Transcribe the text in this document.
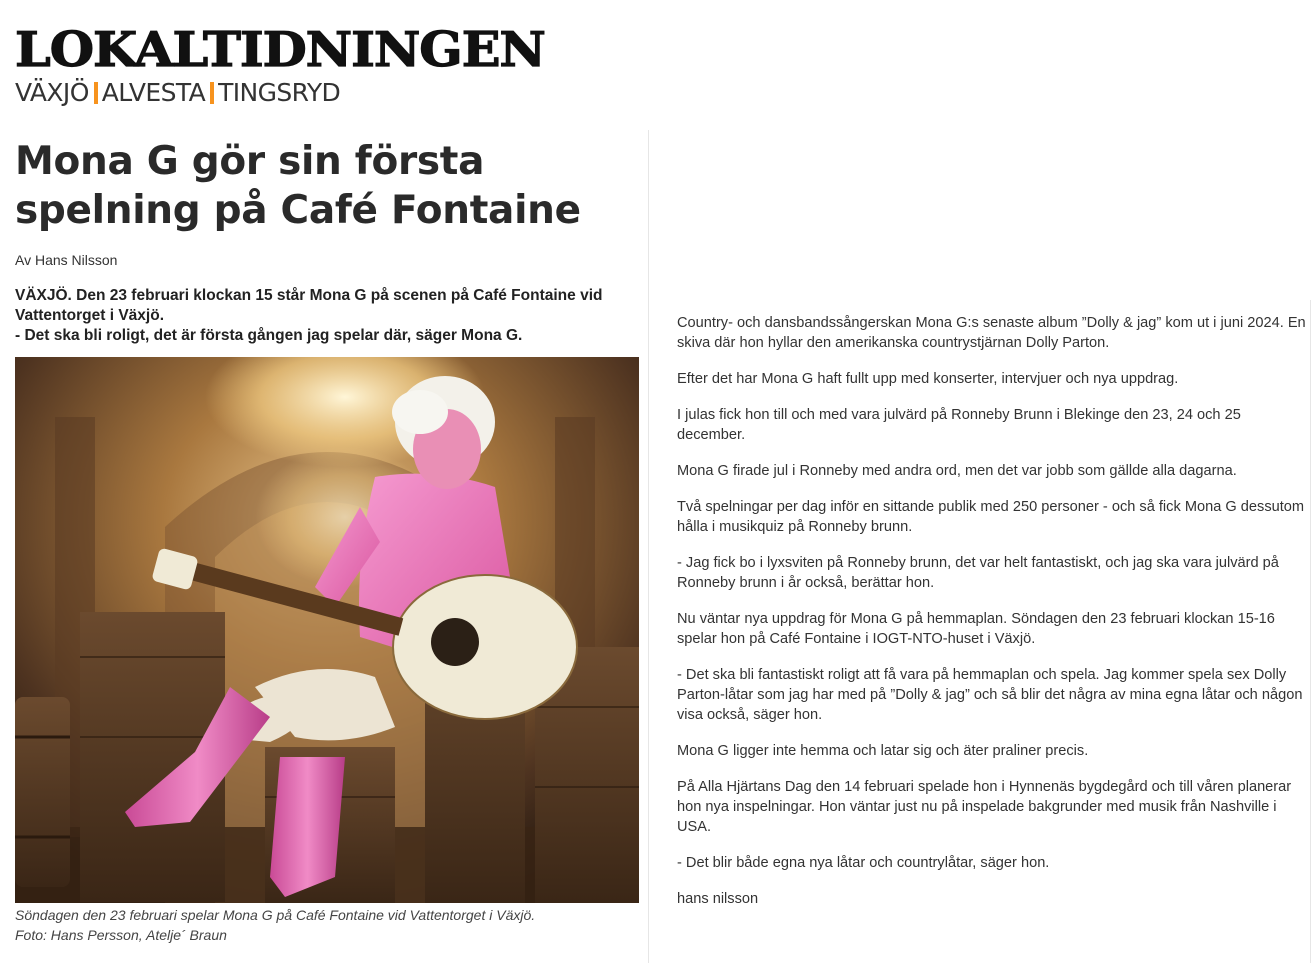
LOKALTIDNINGEN
VÄXJÖ ALVESTA TINGSRYD
Mona G gör sin första spelning på Café Fontaine
Av Hans Nilsson

VÄXJÖ. Den 23 februari klockan 15 står Mona G på scenen på Café Fontaine vid Vattentorget i Växjö.

- Det ska bli roligt, det är första gången jag spelar där, säger Mona G.

Söndagen den 23 februari spelar Mona G på Café Fontaine vid Vattentorget i Växjö.
Foto: Hans Persson, Atelje´ Braun

Country- och dansbandssångerskan Mona G:s senaste album ”Dolly & jag” kom ut i juni 2024. En skiva där hon hyllar den amerikanska countrystjärnan Dolly Parton.

Efter det har Mona G haft fullt upp med konserter, intervjuer och nya uppdrag.

I julas fick hon till och med vara julvärd på Ronneby Brunn i Blekinge den 23, 24 och 25 december.

Mona G firade jul i Ronneby med andra ord, men det var jobb som gällde alla dagarna.

Två spelningar per dag inför en sittande publik med 250 personer - och så fick Mona G dessutom hålla i musikquiz på Ronneby brunn.

- Jag fick bo i lyxsviten på Ronneby brunn, det var helt fantastiskt, och jag ska vara julvärd på Ronneby brunn i år också, berättar hon.

Nu väntar nya uppdrag för Mona G på hemmaplan. Söndagen den 23 februari klockan 15-16 spelar hon på Café Fontaine i IOGT-NTO-huset i Växjö.

- Det ska bli fantastiskt roligt att få vara på hemmaplan och spela. Jag kommer spela sex Dolly Parton-låtar som jag har med på ”Dolly & jag” och så blir det några av mina egna låtar och någon visa också, säger hon.

Mona G ligger inte hemma och latar sig och äter praliner precis.

På Alla Hjärtans Dag den 14 februari spelade hon i Hynnenäs bygdegård och till våren planerar hon nya inspelningar. Hon väntar just nu på inspelade bakgrunder med musik från Nashville i USA.

- Det blir både egna nya låtar och countrylåtar, säger hon.

hans nilsson
